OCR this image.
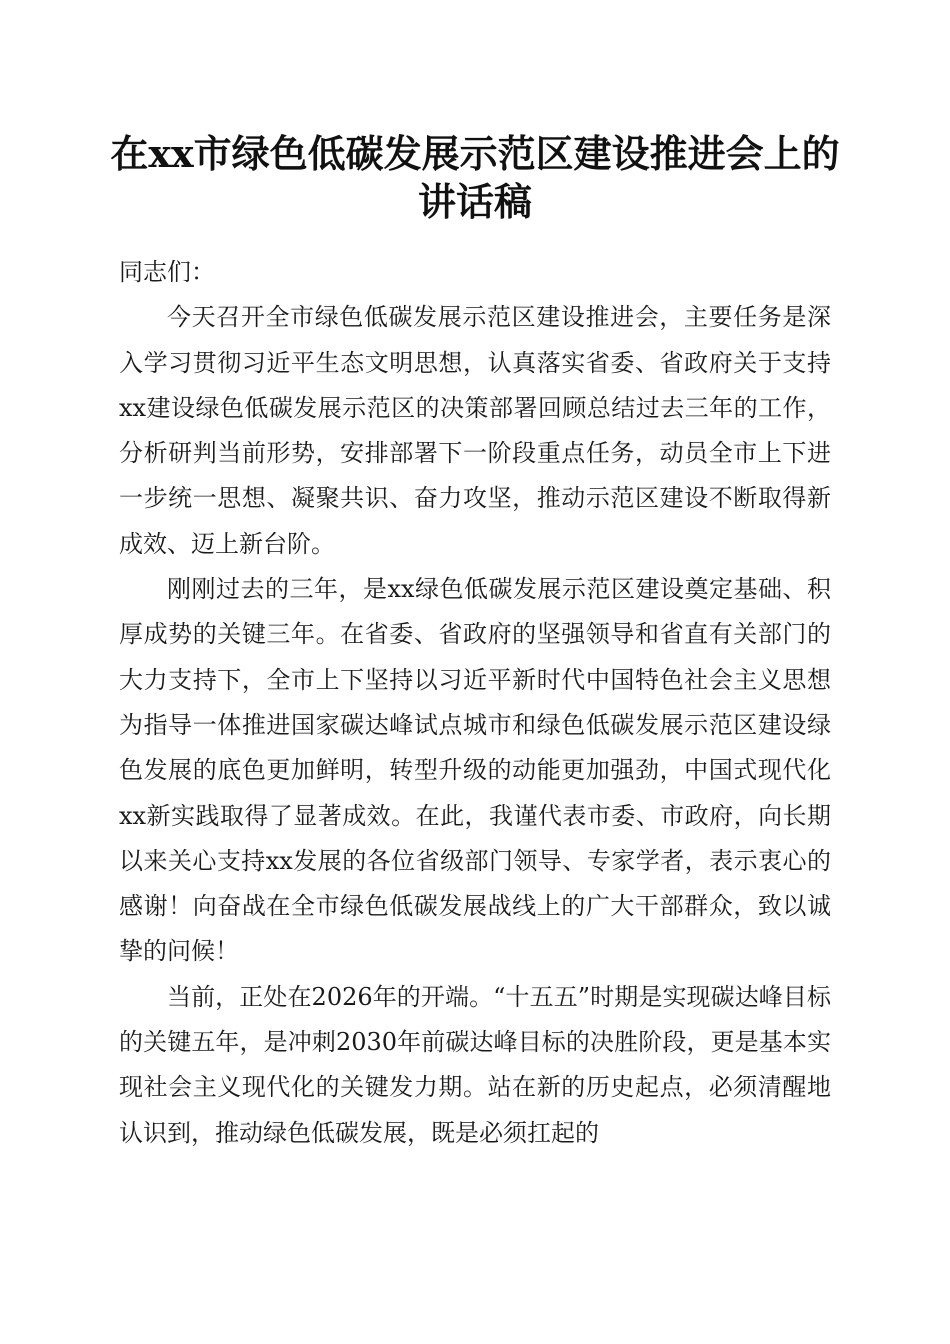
在xx市绿色低碳发展示范区建设推进会上的
讲话稿

同志们：

今天召开全市绿色低碳发展示范区建设推进会，主要任务是深入学习贯彻习近平生态文明思想，认真落实省委、省政府关于支持xx建设绿色低碳发展示范区的决策部署回顾总结过去三年的工作，分析研判当前形势，安排部署下一阶段重点任务，动员全市上下进一步统一思想、凝聚共识、奋力攻坚，推动示范区建设不断取得新成效、迈上新台阶。

刚刚过去的三年，是xx绿色低碳发展示范区建设奠定基础、积厚成势的关键三年。在省委、省政府的坚强领导和省直有关部门的大力支持下，全市上下坚持以习近平新时代中国特色社会主义思想为指导一体推进国家碳达峰试点城市和绿色低碳发展示范区建设绿色发展的底色更加鲜明，转型升级的动能更加强劲，中国式现代化xx新实践取得了显著成效。在此，我谨代表市委、市政府，向长期以来关心支持xx发展的各位省级部门领导、专家学者，表示衷心的感谢！向奋战在全市绿色低碳发展战线上的广大干部群众，致以诚挚的问候！

当前，正处在2026年的开端。“十五五”时期是实现碳达峰目标的关键五年，是冲刺2030年前碳达峰目标的决胜阶段，更是基本实现社会主义现代化的关键发力期。站在新的历史起点，必须清醒地认识到，推动绿色低碳发展，既是必须扛起的
